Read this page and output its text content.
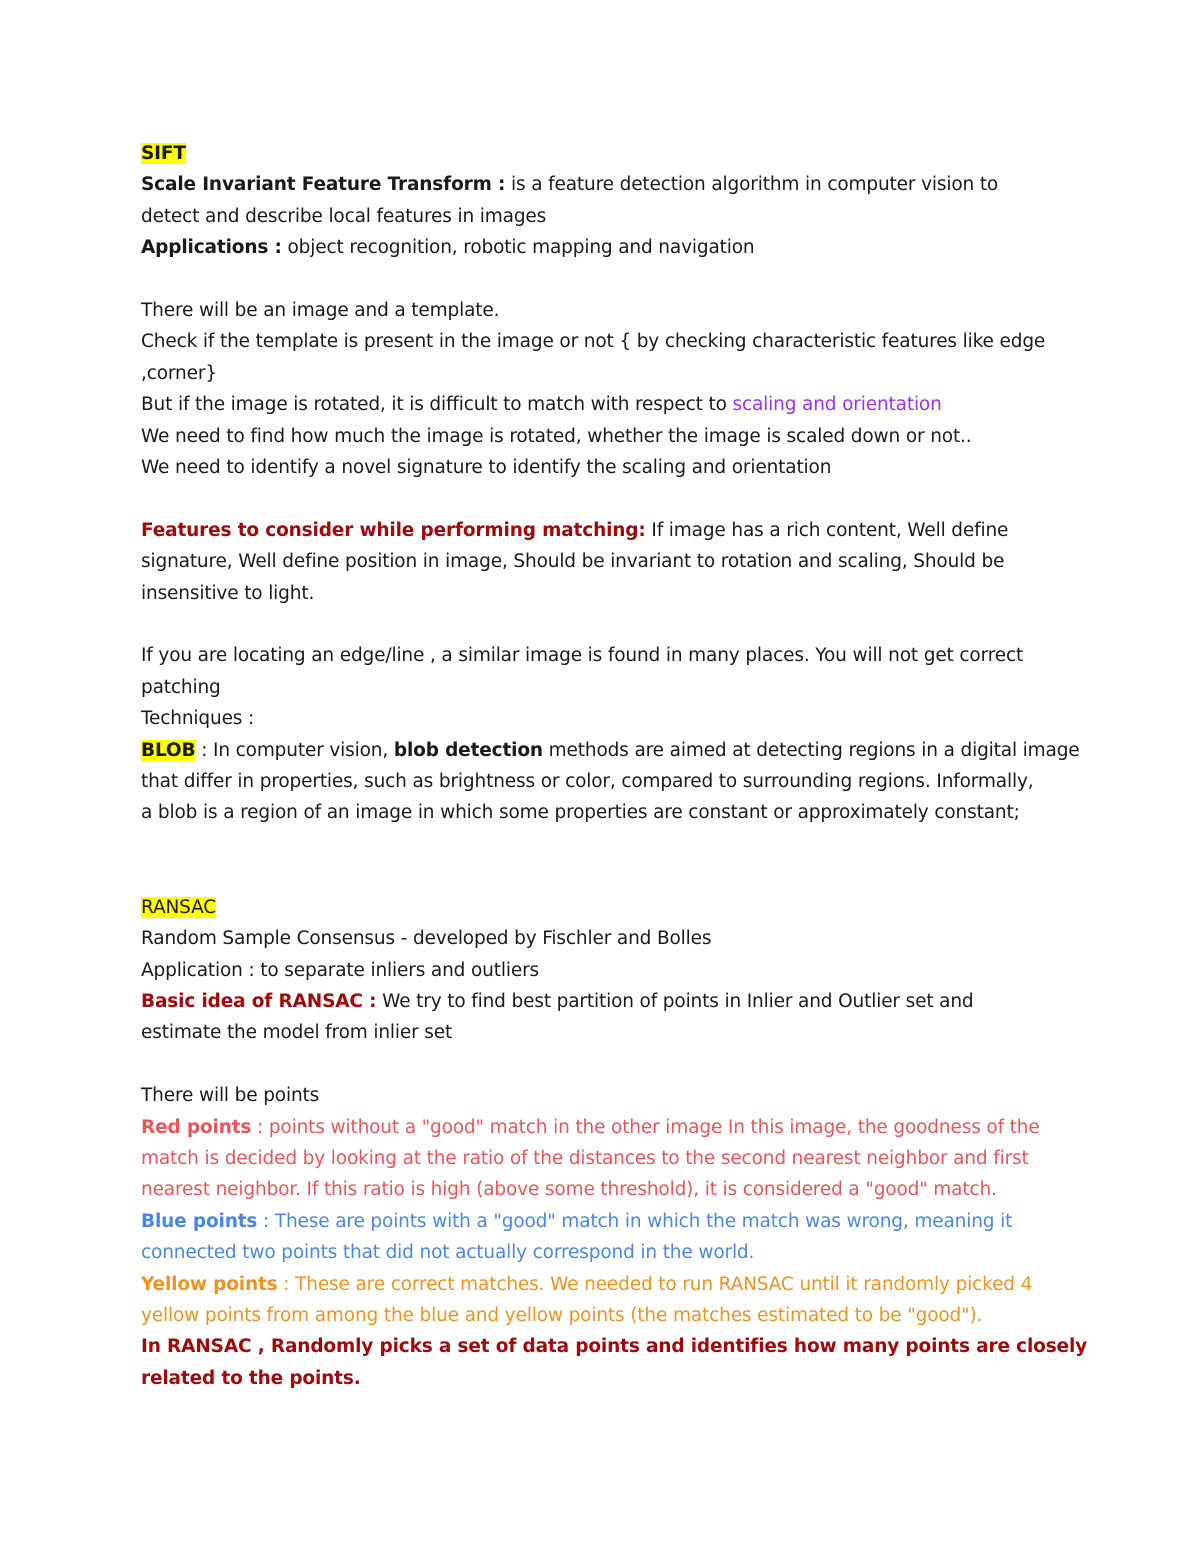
SIFT
Scale Invariant Feature Transform : is a feature detection algorithm in computer vision to
detect and describe local features in images
Applications : object recognition, robotic mapping and navigation
There will be an image and a template.
Check if the template is present in the image or not { by checking characteristic features like edge
,corner}
But if the image is rotated, it is difficult to match with respect to scaling and orientation
We need to find how much the image is rotated, whether the image is scaled down or not..
We need to identify a novel signature to identify the scaling and orientation
Features to consider while performing matching: If image has a rich content, Well define
signature, Well define position in image, Should be invariant to rotation and scaling, Should be
insensitive to light.
If you are locating an edge/line , a similar image is found in many places. You will not get correct
patching
Techniques :
BLOB : In computer vision, blob detection methods are aimed at detecting regions in a digital image
that differ in properties, such as brightness or color, compared to surrounding regions. Informally,
a blob is a region of an image in which some properties are constant or approximately constant;
RANSAC
Random Sample Consensus - developed by Fischler and Bolles
Application : to separate inliers and outliers
Basic idea of RANSAC : We try to find best partition of points in Inlier and Outlier set and
estimate the model from inlier set
There will be points
Red points : points without a "good" match in the other image In this image, the goodness of the
match is decided by looking at the ratio of the distances to the second nearest neighbor and first
nearest neighbor. If this ratio is high (above some threshold), it is considered a "good" match.
Blue points : These are points with a "good" match in which the match was wrong, meaning it
connected two points that did not actually correspond in the world.
Yellow points : These are correct matches. We needed to run RANSAC until it randomly picked 4
yellow points from among the blue and yellow points (the matches estimated to be "good").
In RANSAC , Randomly picks a set of data points and identifies how many points are closely
related to the points.
